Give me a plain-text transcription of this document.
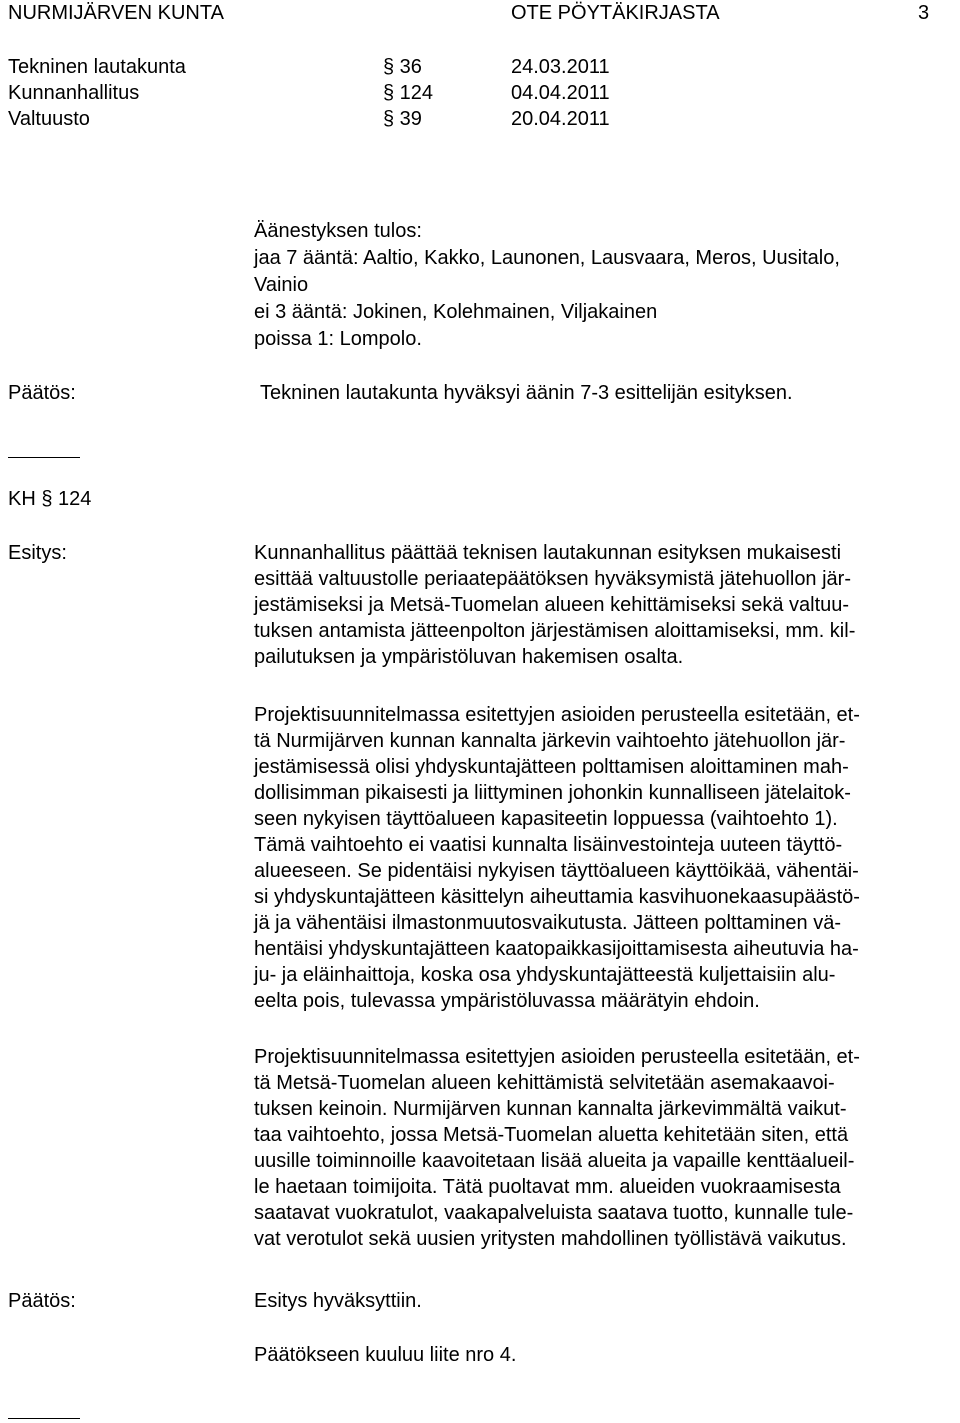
NURMIJÄRVEN KUNTA	OTE PÖYTÄKIRJASTA	3
Tekninen lautakunta	§ 36	24.03.2011
Kunnanhallitus	§ 124	04.04.2011
Valtuusto	§ 39	20.04.2011
Äänestyksen tulos:
jaa 7 ääntä: Aaltio, Kakko, Launonen, Lausvaara, Meros, Uusitalo,
Vainio
ei 3 ääntä: Jokinen, Kolehmainen, Viljakainen
poissa 1: Lompolo.
Päätös:	Tekninen lautakunta hyväksyi äänin 7-3 esittelijän esityksen.
KH § 124
Esitys:	Kunnanhallitus päättää teknisen lautakunnan esityksen mukaisesti
esittää valtuustolle periaatepäätöksen hyväksymistä jätehuollon jär-
jestämiseksi ja Metsä-Tuomelan alueen kehittämiseksi sekä valtuu-
tuksen antamista jätteenpolton järjestämisen aloittamiseksi, mm. kil-
pailutuksen ja ympäristöluvan hakemisen osalta.
Projektisuunnitelmassa esitettyjen asioiden perusteella esitetään, et-
tä Nurmijärven kunnan kannalta järkevin vaihtoehto jätehuollon jär-
jestämisessä olisi yhdyskuntajätteen polttamisen aloittaminen mah-
dollisimman pikaisesti ja liittyminen johonkin kunnalliseen jätelaitok-
seen nykyisen täyttöalueen kapasiteetin loppuessa (vaihtoehto 1).
Tämä vaihtoehto ei vaatisi kunnalta lisäinvestointeja uuteen täyttö-
alueeseen. Se pidentäisi nykyisen täyttöalueen käyttöikää, vähentäi-
si yhdyskuntajätteen käsittelyn aiheuttamia kasvihuonekaasupäästö-
jä ja vähentäisi ilmastonmuutosvaikutusta. Jätteen polttaminen vä-
hentäisi yhdyskuntajätteen kaatopaikkasijoittamisesta aiheutuvia ha-
ju- ja eläinhaittoja, koska osa yhdyskuntajätteestä kuljettaisiin alu-
eelta pois, tulevassa ympäristöluvassa määrätyin ehdoin.
Projektisuunnitelmassa esitettyjen asioiden perusteella esitetään, et-
tä Metsä-Tuomelan alueen kehittämistä selvitetään asemakaavoi-
tuksen keinoin. Nurmijärven kunnan kannalta järkevimmältä vaikut-
taa vaihtoehto, jossa Metsä-Tuomelan aluetta kehitetään siten, että
uusille toiminnoille kaavoitetaan lisää alueita ja vapaille kenttäalueil-
le haetaan toimijoita. Tätä puoltavat mm. alueiden vuokraamisesta
saatavat vuokratulot, vaakapalveluista saatava tuotto, kunnalle tule-
vat verotulot sekä uusien yritysten mahdollinen työllistävä vaikutus.
Päätös:	Esitys hyväksyttiin.
Päätökseen kuuluu liite nro 4.
